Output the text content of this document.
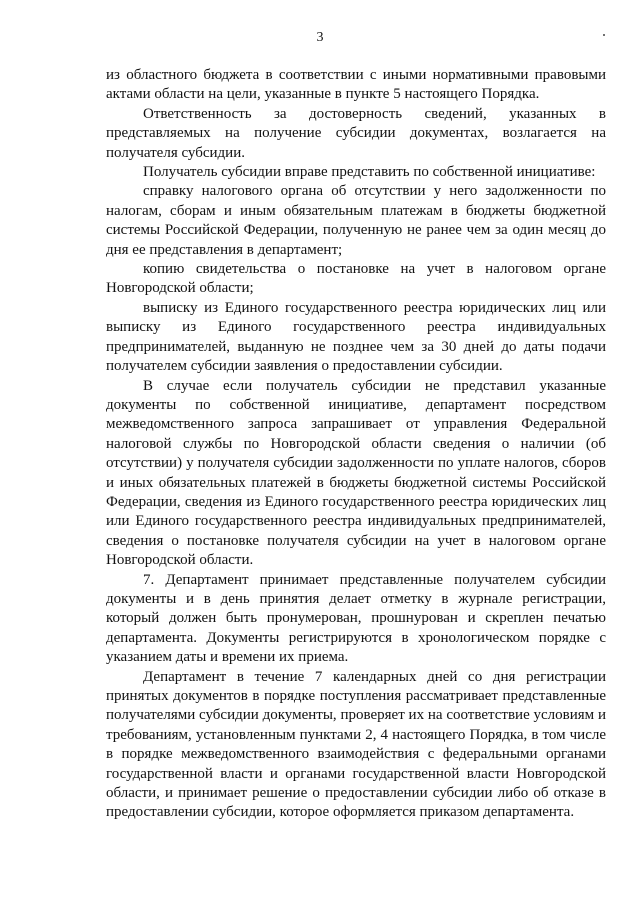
3

из областного бюджета в соответствии с иными нормативными правовыми актами области на цели, указанные в пункте 5 настоящего Порядка.

Ответственность за достоверность сведений, указанных в представляемых на получение субсидии документах, возлагается на получателя субсидии.

Получатель субсидии вправе представить по собственной инициативе:

справку налогового органа об отсутствии у него задолженности по налогам, сборам и иным обязательным платежам в бюджеты бюджетной системы Российской Федерации, полученную не ранее чем за один месяц до дня ее представления в департамент;

копию свидетельства о постановке на учет в налоговом органе Новгородской области;

выписку из Единого государственного реестра юридических лиц или выписку из Единого государственного реестра индивидуальных предпринимателей, выданную не позднее чем за 30 дней до даты подачи получателем субсидии заявления о предоставлении субсидии.

В случае если получатель субсидии не представил указанные документы по собственной инициативе, департамент посредством межведомственного запроса запрашивает от управления Федеральной налоговой службы по Новгородской области сведения о наличии (об отсутствии) у получателя субсидии задолженности по уплате налогов, сборов и иных обязательных платежей в бюджеты бюджетной системы Российской Федерации, сведения из Единого государственного реестра юридических лиц или Единого государственного реестра индивидуальных предпринимателей, сведения о постановке получателя субсидии на учет в налоговом органе Новгородской области.

7. Департамент принимает представленные получателем субсидии документы и в день принятия делает отметку в журнале регистрации, который должен быть пронумерован, прошнурован и скреплен печатью департамента. Документы регистрируются в хронологическом порядке с указанием даты и времени их приема.

Департамент в течение 7 календарных дней со дня регистрации принятых документов в порядке поступления рассматривает представленные получателями субсидии документы, проверяет их на соответствие условиям и требованиям, установленным пунктами 2, 4 настоящего Порядка, в том числе в порядке межведомственного взаимодействия с федеральными органами государственной власти и органами государственной власти Новгородской области, и принимает решение о предоставлении субсидии либо об отказе в предоставлении субсидии, которое оформляется приказом департамента.
